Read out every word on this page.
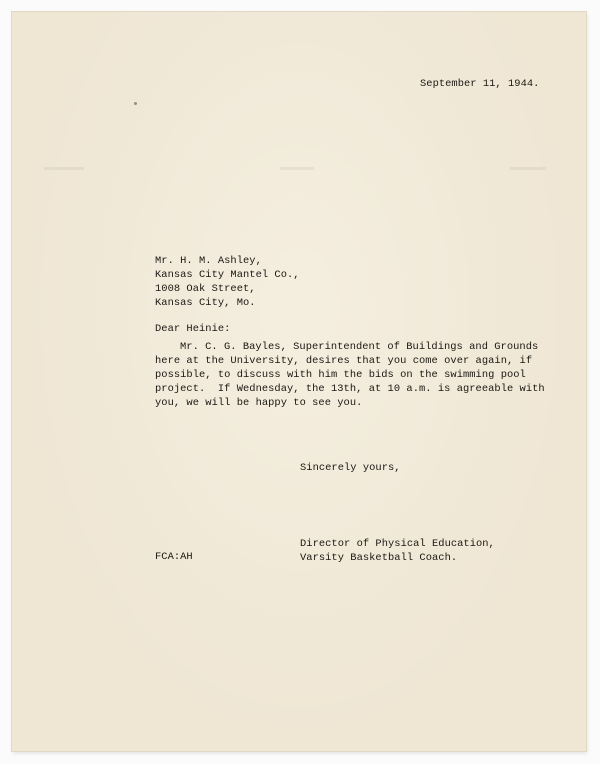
September 11, 1944.
Mr. H. M. Ashley,
Kansas City Mantel Co.,
1008 Oak Street,
Kansas City, Mo.
Dear Heinie:
Mr. C. G. Bayles, Superintendent of Buildings and Grounds
here at the University, desires that you come over again, if
possible, to discuss with him the bids on the swimming pool
project.  If Wednesday, the 13th, at 10 a.m. is agreeable with
you, we will be happy to see you.
Sincerely yours,
Director of Physical Education,
Varsity Basketball Coach.
FCA:AH
